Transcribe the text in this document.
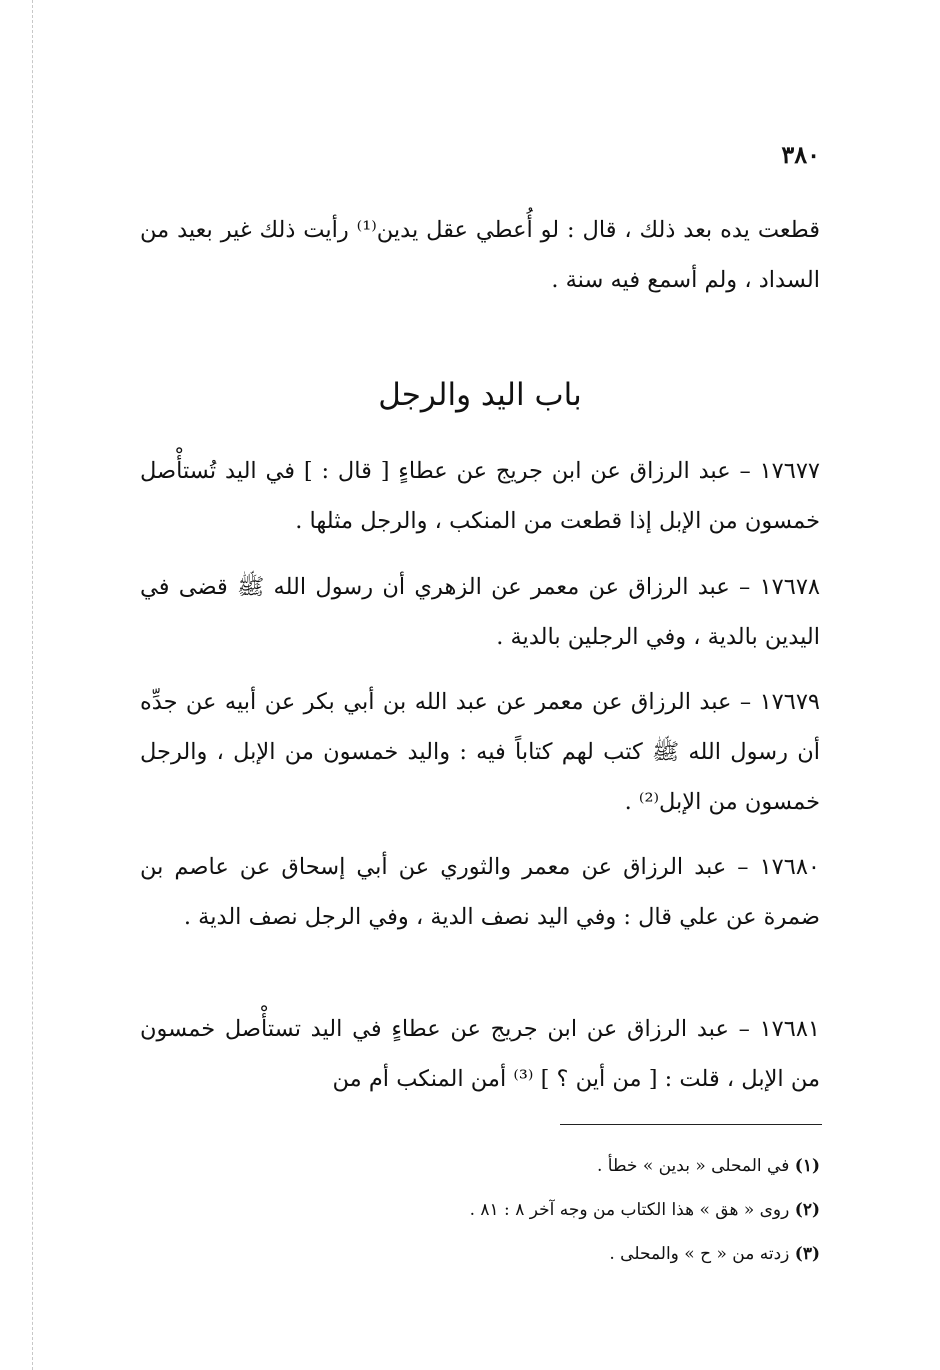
٣٨٠
قطعت يده بعد ذلك ، قال : لو أُعطي عقل يدين⁽¹⁾ رأيت ذلك غير بعيد من السداد ، ولم أسمع فيه سنة .
باب اليد والرجل
١٧٦٧٧ – عبد الرزاق عن ابن جريج عن عطاءٍ [ قال : ] في اليد تُستأْصل خمسون من الإبل إذا قطعت من المنكب ، والرجل مثلها .
١٧٦٧٨ – عبد الرزاق عن معمر عن الزهري أن رسول الله ﷺ قضى في اليدين بالدية ، وفي الرجلين بالدية .
١٧٦٧٩ – عبد الرزاق عن معمر عن عبد الله بن أبي بكر عن أبيه عن جدِّه أن رسول الله ﷺ كتب لهم كتاباً فيه : واليد خمسون من الإبل ، والرجل خمسون من الإبل⁽²⁾ .
١٧٦٨٠ – عبد الرزاق عن معمر والثوري عن أبي إسحاق عن عاصم بن ضمرة عن علي قال : وفي اليد نصف الدية ، وفي الرجل نصف الدية .
١٧٦٨١ – عبد الرزاق عن ابن جريج عن عطاءٍ في اليد تستأْصل خمسون من الإبل ، قلت : [ من أين ؟ ] ⁽³⁾ أمن المنكب أم من
(١) في المحلى « بدين » خطأ .
(٢) روى « هق » هذا الكتاب من وجه آخر ٨ : ٨١ .
(٣) زدته من « ح » والمحلى .
